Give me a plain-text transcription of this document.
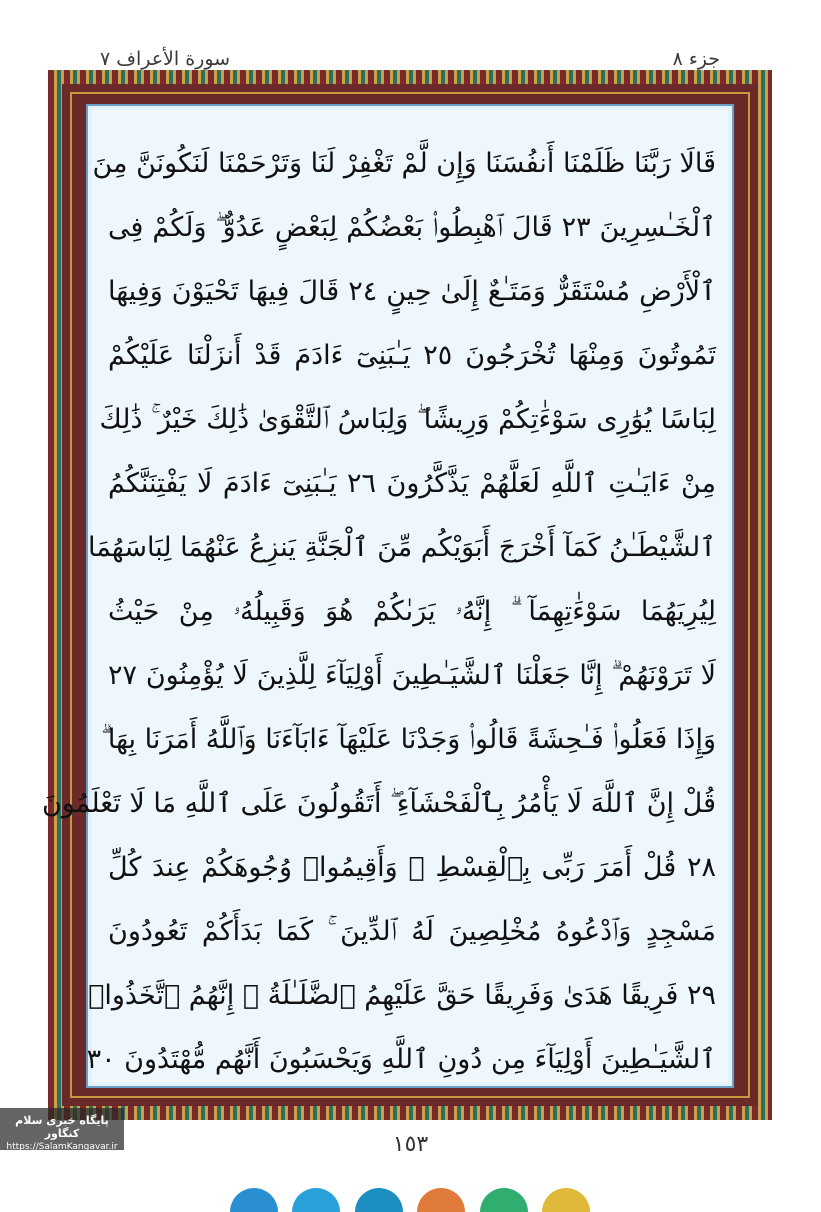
جزء ٨
سورة الأعراف ٧
قَالَا رَبَّنَا ظَلَمْنَا أَنفُسَنَا وَإِن لَّمْ تَغْفِرْ لَنَا وَتَرْحَمْنَا لَنَكُونَنَّ مِنَ
ٱلْخَـٰسِرِينَ ٢٣ قَالَ ٱهْبِطُوا۟ بَعْضُكُمْ لِبَعْضٍ عَدُوٌّ ۖ وَلَكُمْ فِى
ٱلْأَرْضِ مُسْتَقَرٌّ وَمَتَـٰعٌ إِلَىٰ حِينٍ ٢٤ قَالَ فِيهَا تَحْيَوْنَ وَفِيهَا
تَمُوتُونَ وَمِنْهَا تُخْرَجُونَ ٢٥ يَـٰبَنِىٓ ءَادَمَ قَدْ أَنزَلْنَا عَلَيْكُمْ
لِبَاسًا يُوَٰرِى سَوْءَٰتِكُمْ وَرِيشًا ۖ وَلِبَاسُ ٱلتَّقْوَىٰ ذَٰلِكَ خَيْرٌ ۚ ذَٰلِكَ
مِنْ ءَايَـٰتِ ٱللَّهِ لَعَلَّهُمْ يَذَّكَّرُونَ ٢٦ يَـٰبَنِىٓ ءَادَمَ لَا يَفْتِنَنَّكُمُ
ٱلشَّيْطَـٰنُ كَمَآ أَخْرَجَ أَبَوَيْكُم مِّنَ ٱلْجَنَّةِ يَنزِعُ عَنْهُمَا لِبَاسَهُمَا
لِيُرِيَهُمَا سَوْءَٰتِهِمَآ ۗ إِنَّهُۥ يَرَىٰكُمْ هُوَ وَقَبِيلُهُۥ مِنْ حَيْثُ
لَا تَرَوْنَهُمْ ۗ إِنَّا جَعَلْنَا ٱلشَّيَـٰطِينَ أَوْلِيَآءَ لِلَّذِينَ لَا يُؤْمِنُونَ ٢٧
وَإِذَا فَعَلُوا۟ فَـٰحِشَةً قَالُوا۟ وَجَدْنَا عَلَيْهَآ ءَابَآءَنَا وَٱللَّهُ أَمَرَنَا بِهَا ۗ
قُلْ إِنَّ ٱللَّهَ لَا يَأْمُرُ بِٱلْفَحْشَآءِ ۖ أَتَقُولُونَ عَلَى ٱللَّهِ مَا لَا تَعْلَمُونَ
٢٨ قُلْ أَمَرَ رَبِّى بِٱلْقِسْطِ ۖ وَأَقِيمُوا۟ وُجُوهَكُمْ عِندَ كُلِّ
مَسْجِدٍ وَٱدْعُوهُ مُخْلِصِينَ لَهُ ٱلدِّينَ ۚ كَمَا بَدَأَكُمْ تَعُودُونَ
٢٩ فَرِيقًا هَدَىٰ وَفَرِيقًا حَقَّ عَلَيْهِمُ ٱلضَّلَـٰلَةُ ۗ إِنَّهُمُ ٱتَّخَذُوا۟
ٱلشَّيَـٰطِينَ أَوْلِيَآءَ مِن دُونِ ٱللَّهِ وَيَحْسَبُونَ أَنَّهُم مُّهْتَدُونَ ٣٠
پایگاه خبری سلام کنگاور
https://SalamKangavar.ir	١٥٣
